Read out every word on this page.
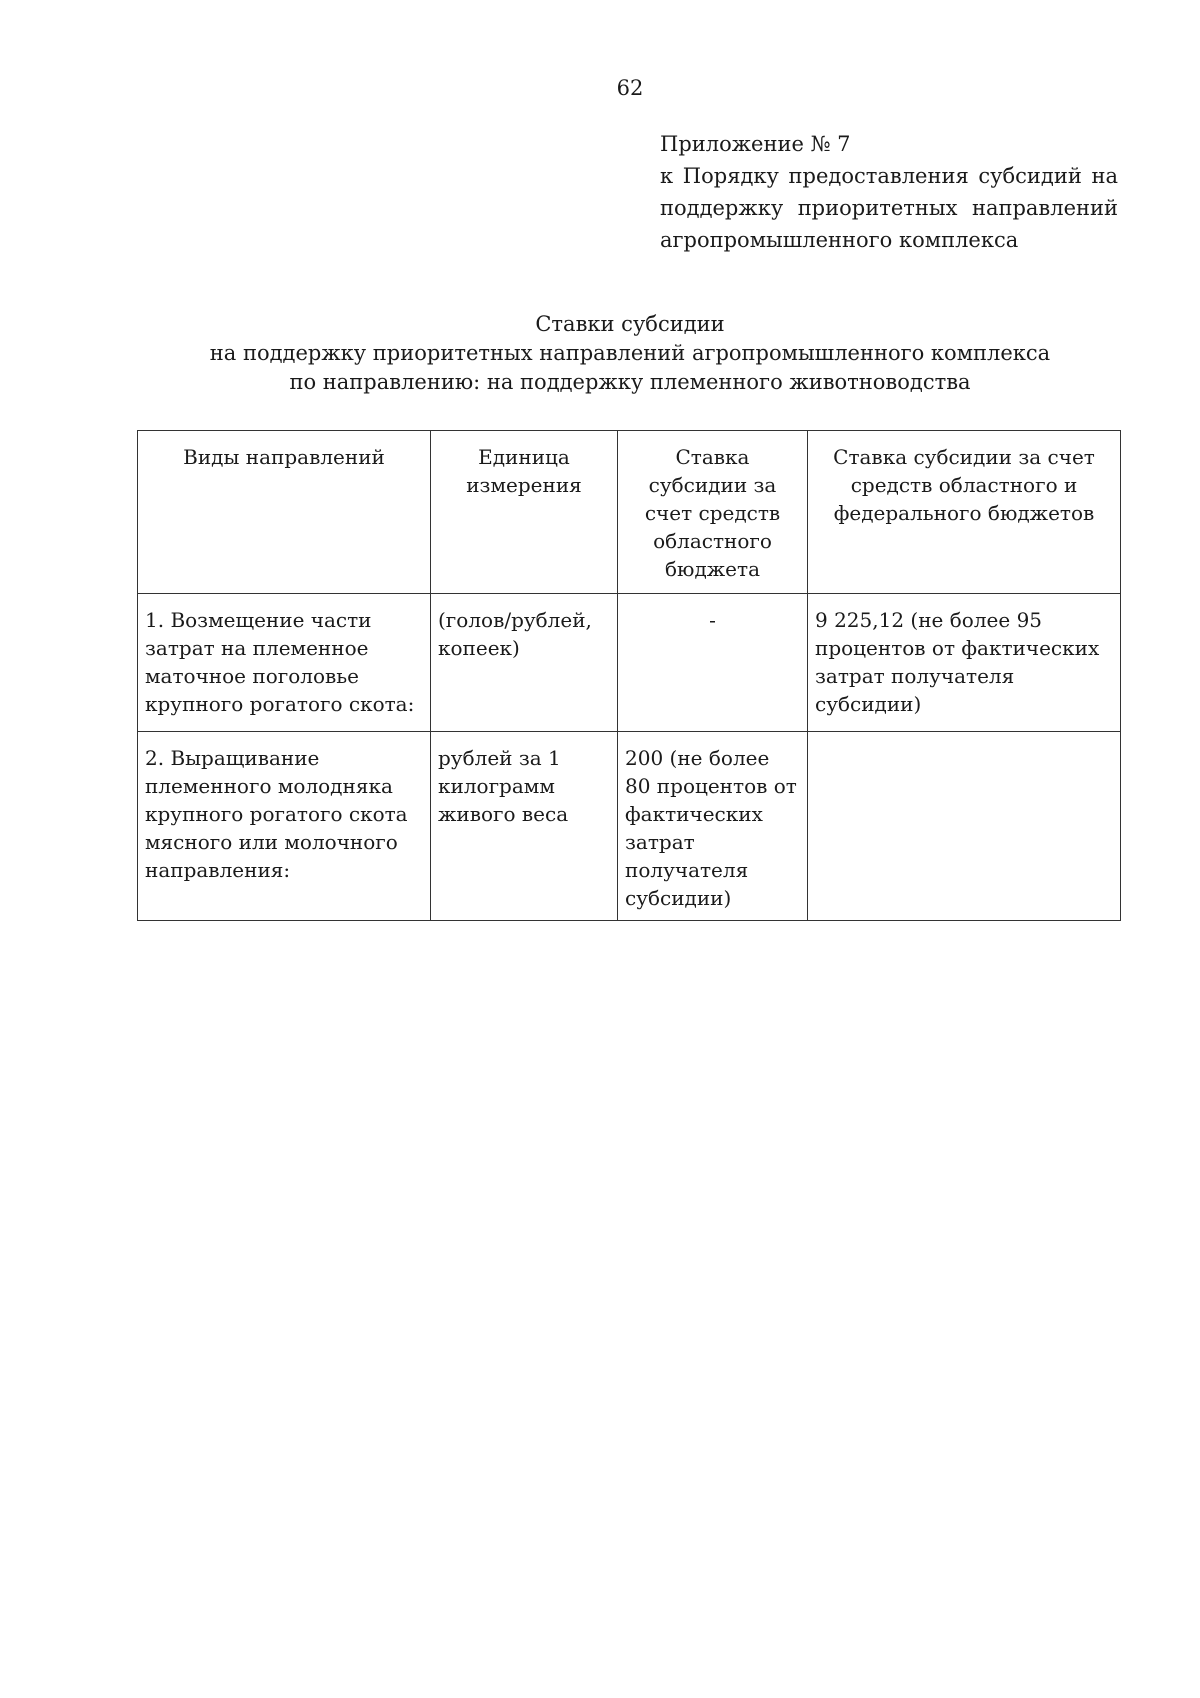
62
Приложение № 7
к Порядку предоставления субсидий на
поддержку приоритетных направлений
агропромышленного комплекса
Ставки субсидии
на поддержку приоритетных направлений агропромышленного комплекса
по направлению: на поддержку племенного животноводства
Виды направлений	Единица измерения	Ставка субсидии за счет средств областного бюджета	Ставка субсидии за счет средств областного и федерального бюджетов
1. Возмещение части затрат на племенное маточное поголовье крупного рогатого скота:	(голов/рублей, копеек)	-	9 225,12 (не более 95 процентов от фактических затрат получателя субсидии)
2. Выращивание племенного молодняка крупного рогатого скота мясного или молочного направления:	рублей за 1 килограмм живого веса	200 (не более 80 процентов от фактических затрат получателя субсидии)	
